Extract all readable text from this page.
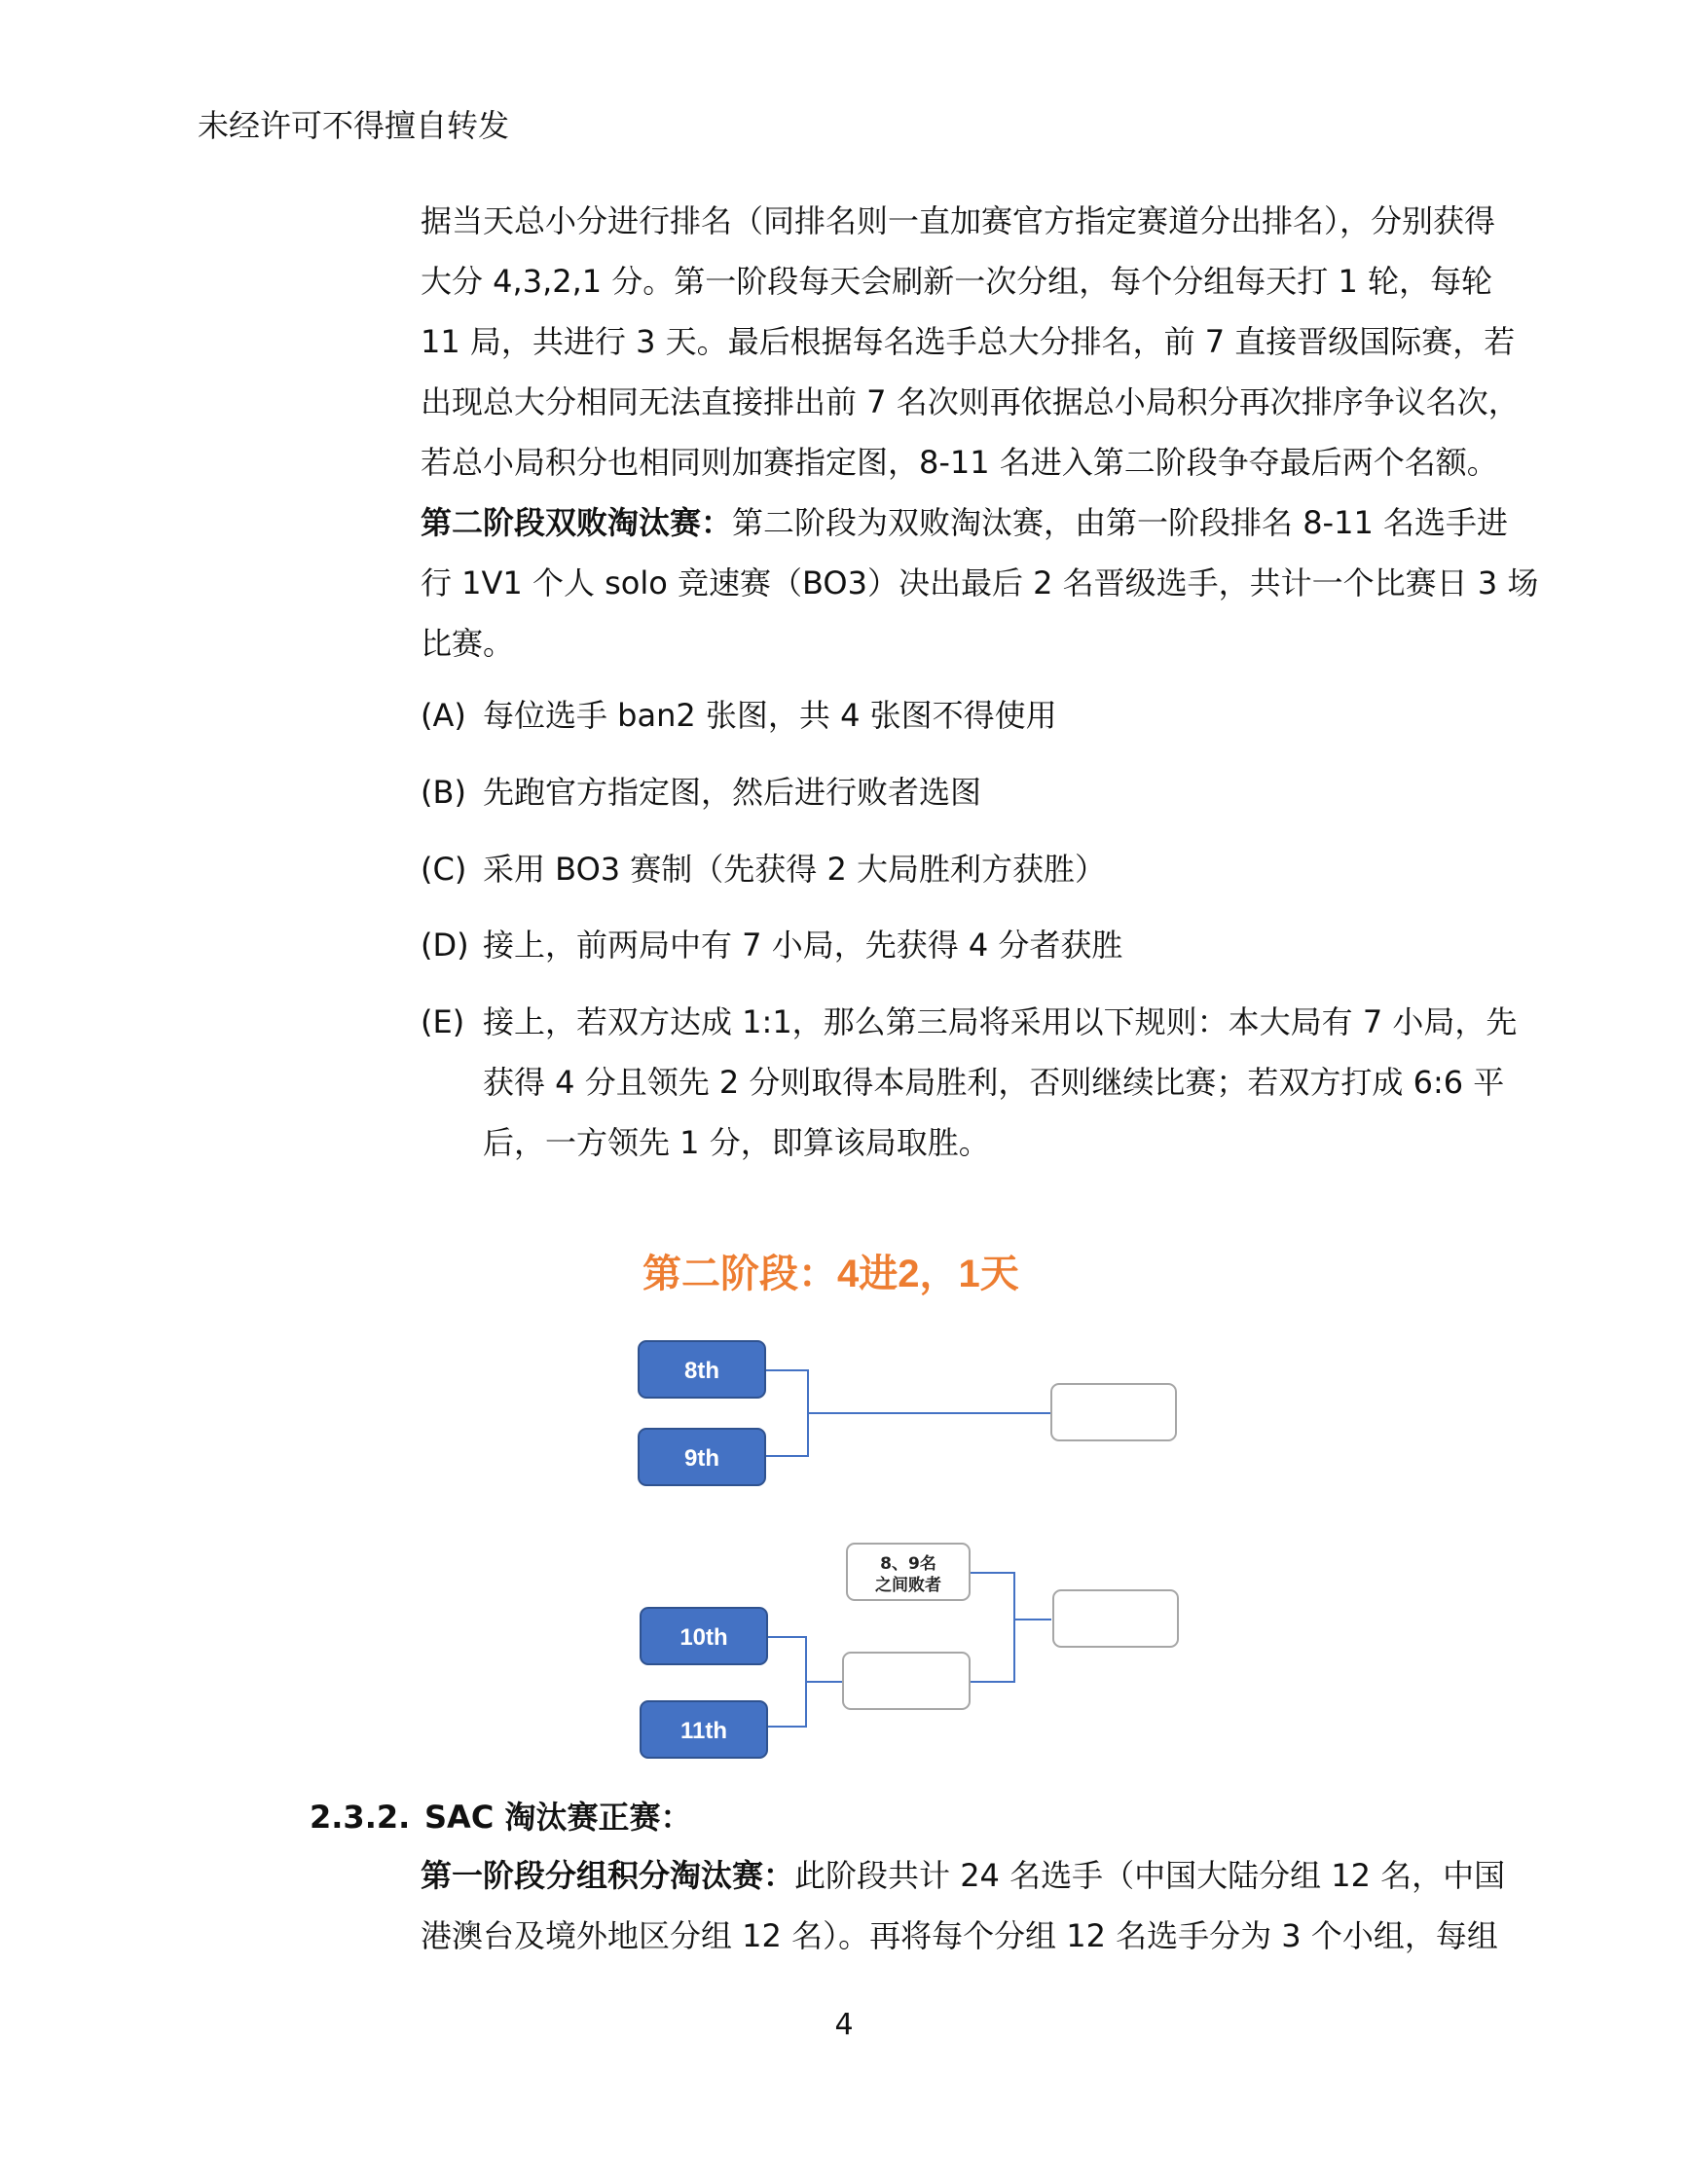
未经许可不得擅自转发

据当天总小分进行排名（同排名则一直加赛官方指定赛道分出排名），分别获得

大分 4,3,2,1 分。第一阶段每天会刷新一次分组，每个分组每天打 1 轮，每轮

11 局，共进行 3 天。最后根据每名选手总大分排名，前 7 直接晋级国际赛，若

出现总大分相同无法直接排出前 7 名次则再依据总小局积分再次排序争议名次，

若总小局积分也相同则加赛指定图，8-11 名进入第二阶段争夺最后两个名额。

第二阶段双败淘汰赛：第二阶段为双败淘汰赛，由第一阶段排名 8-11 名选手进

行 1V1 个人 solo 竞速赛（BO3）决出最后 2 名晋级选手，共计一个比赛日 3 场

比赛。

(A) 每位选手 ban2 张图，共 4 张图不得使用
(B) 先跑官方指定图，然后进行败者选图
(C) 采用 BO3 赛制（先获得 2 大局胜利方获胜）
(D) 接上，前两局中有 7 小局，先获得 4 分者获胜
(E) 接上，若双方达成 1:1，那么第三局将采用以下规则：本大局有 7 小局，先
获得 4 分且领先 2 分则取得本局胜利，否则继续比赛；若双方打成 6:6 平
后，一方领先 1 分，即算该局取胜。
第二阶段：4进2，1天
8th
9th
10th
11th
8、9名
之间败者
2.3.2. SAC 淘汰赛正赛：

第一阶段分组积分淘汰赛：此阶段共计 24 名选手（中国大陆分组 12 名，中国

港澳台及境外地区分组 12 名）。再将每个分组 12 名选手分为 3 个小组，每组

4
